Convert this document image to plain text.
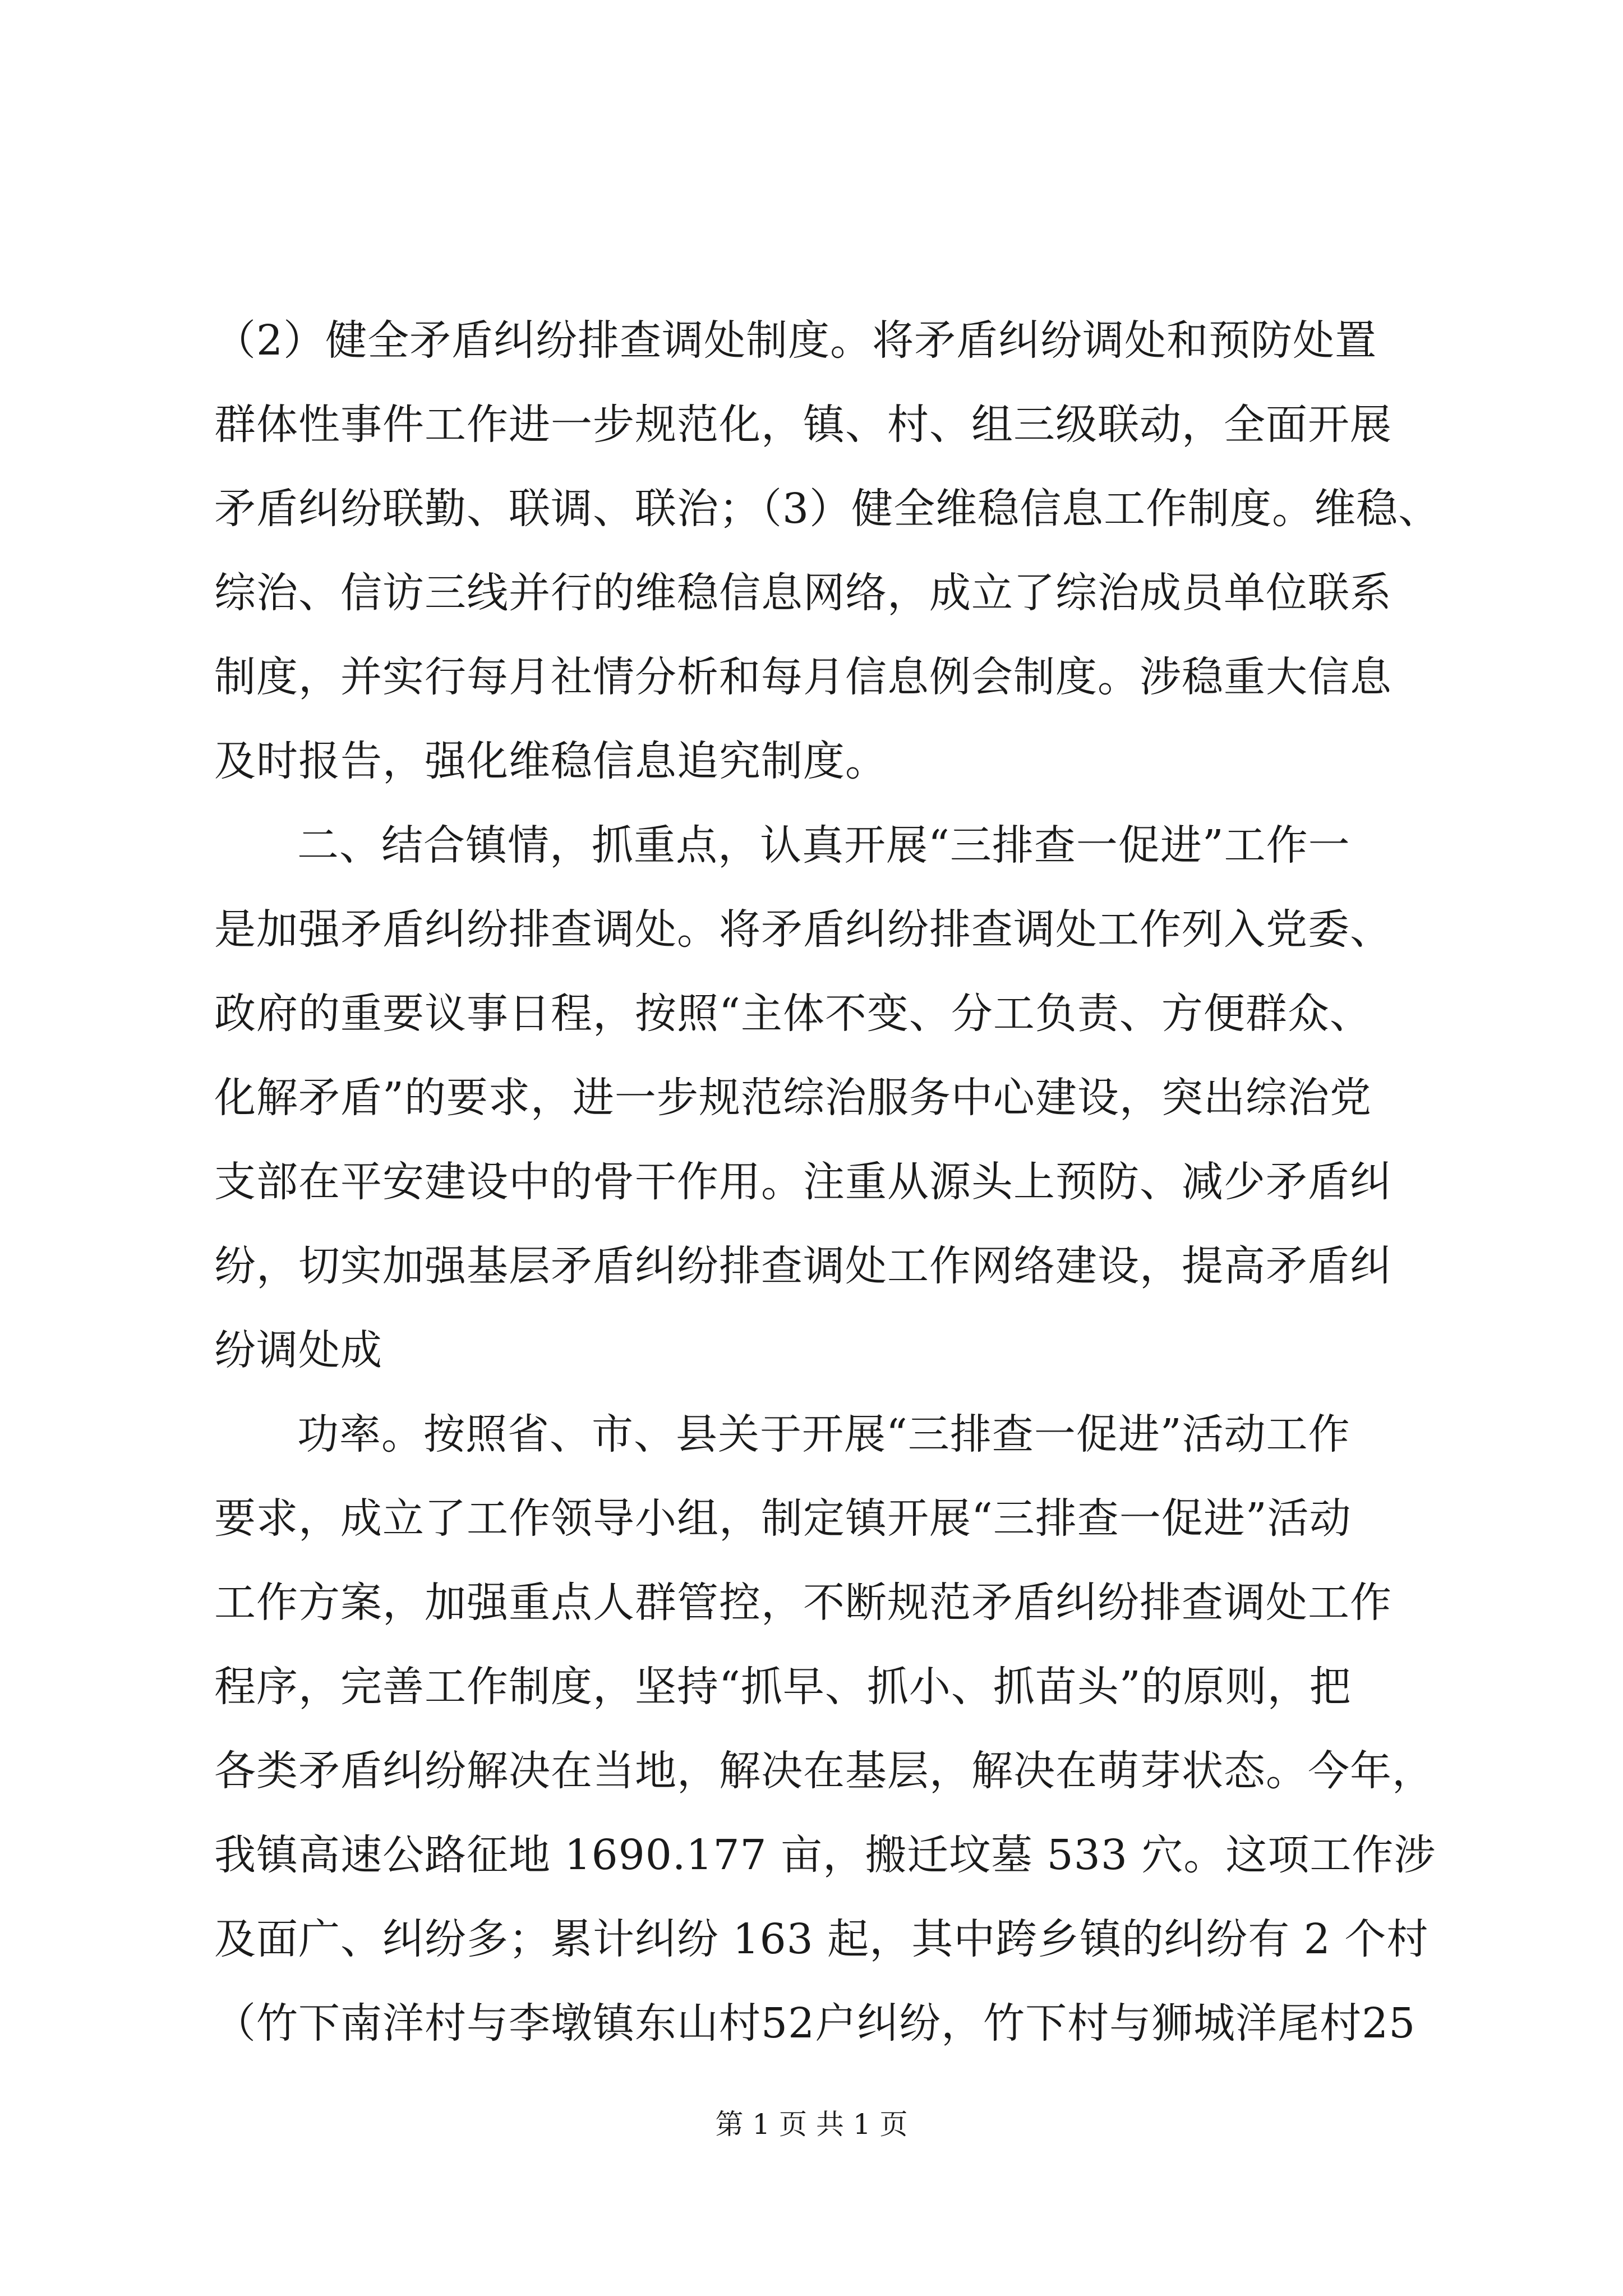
（2）健全矛盾纠纷排查调处制度。将矛盾纠纷调处和预防处置
群体性事件工作进一步规范化，镇、村、组三级联动，全面开展
矛盾纠纷联勤、联调、联治；（3）健全维稳信息工作制度。维稳、
综治、信访三线并行的维稳信息网络，成立了综治成员单位联系
制度，并实行每月社情分析和每月信息例会制度。涉稳重大信息
及时报告，强化维稳信息追究制度。
二、结合镇情，抓重点，认真开展“三排查一促进”工作一
是加强矛盾纠纷排查调处。将矛盾纠纷排查调处工作列入党委、
政府的重要议事日程，按照“主体不变、分工负责、方便群众、
化解矛盾”的要求，进一步规范综治服务中心建设，突出综治党
支部在平安建设中的骨干作用。注重从源头上预防、减少矛盾纠
纷，切实加强基层矛盾纠纷排查调处工作网络建设，提高矛盾纠
纷调处成
功率。按照省、市、县关于开展“三排查一促进”活动工作
要求，成立了工作领导小组，制定镇开展“三排查一促进”活动
工作方案，加强重点人群管控，不断规范矛盾纠纷排查调处工作
程序，完善工作制度，坚持“抓早、抓小、抓苗头”的原则，把
各类矛盾纠纷解决在当地，解决在基层，解决在萌芽状态。今年，
我镇高速公路征地 1690.177 亩，搬迁坟墓 533 穴。这项工作涉
及面广、纠纷多；累计纠纷 163 起，其中跨乡镇的纠纷有 2 个村
（竹下南洋村与李墩镇东山村52户纠纷，竹下村与狮城洋尾村25
第 1 页 共 1 页
